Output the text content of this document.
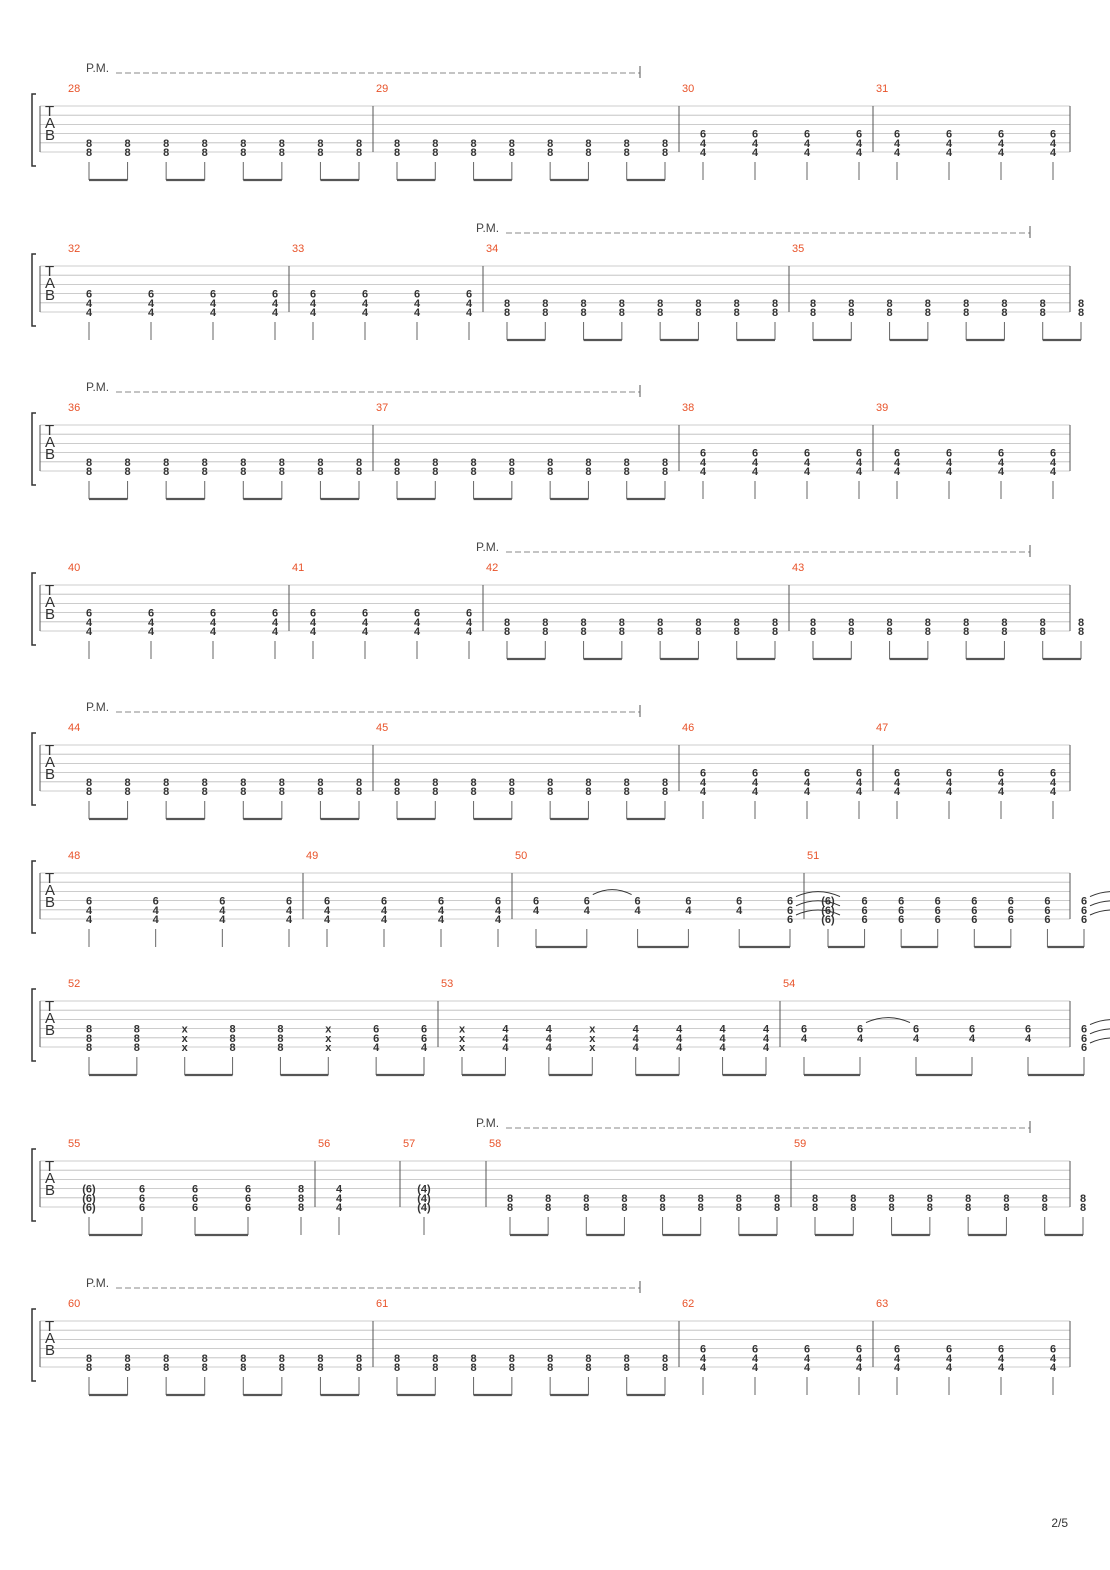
T
A
B
P.M.
28
8
8
8
8
8
8
8
8
8
8
8
8
8
8
8
8
29
8
8
8
8
8
8
8
8
8
8
8
8
8
8
8
8
30
6
4
4
6
4
4
6
4
4
6
4
4
31
6
4
4
6
4
4
6
4
4
6
4
4
T
A
B
P.M.
32
6
4
4
6
4
4
6
4
4
6
4
4
33
6
4
4
6
4
4
6
4
4
6
4
4
34
8
8
8
8
8
8
8
8
8
8
8
8
8
8
8
8
35
8
8
8
8
8
8
8
8
8
8
8
8
8
8
8
8
T
A
B
P.M.
36
8
8
8
8
8
8
8
8
8
8
8
8
8
8
8
8
37
8
8
8
8
8
8
8
8
8
8
8
8
8
8
8
8
38
6
4
4
6
4
4
6
4
4
6
4
4
39
6
4
4
6
4
4
6
4
4
6
4
4
T
A
B
P.M.
40
6
4
4
6
4
4
6
4
4
6
4
4
41
6
4
4
6
4
4
6
4
4
6
4
4
42
8
8
8
8
8
8
8
8
8
8
8
8
8
8
8
8
43
8
8
8
8
8
8
8
8
8
8
8
8
8
8
8
8
T
A
B
P.M.
44
8
8
8
8
8
8
8
8
8
8
8
8
8
8
8
8
45
8
8
8
8
8
8
8
8
8
8
8
8
8
8
8
8
46
6
4
4
6
4
4
6
4
4
6
4
4
47
6
4
4
6
4
4
6
4
4
6
4
4
T
A
B
48
6
4
4
6
4
4
6
4
4
6
4
4
49
6
4
4
6
4
4
6
4
4
6
4
4
50
6
4
6
4
6
4
6
4
6
4
6
6
6
51
(6)
(6)
(6)
6
6
6
6
6
6
6
6
6
6
6
6
6
6
6
6
6
6
6
6
6
T
A
B
52
8
8
8
8
8
8
x
x
x
8
8
8
8
8
8
x
x
x
6
6
4
6
6
4
53
x
x
x
4
4
4
4
4
4
x
x
x
4
4
4
4
4
4
4
4
4
4
4
4
54
6
4
6
4
6
4
6
4
6
4
6
6
6
T
A
B
P.M.
55
(6)
(6)
(6)
6
6
6
6
6
6
6
6
6
8
8
8
56
4
4
4
57
(4)
(4)
(4)
58
8
8
8
8
8
8
8
8
8
8
8
8
8
8
8
8
59
8
8
8
8
8
8
8
8
8
8
8
8
8
8
8
8
T
A
B
P.M.
60
8
8
8
8
8
8
8
8
8
8
8
8
8
8
8
8
61
8
8
8
8
8
8
8
8
8
8
8
8
8
8
8
8
62
6
4
4
6
4
4
6
4
4
6
4
4
63
6
4
4
6
4
4
6
4
4
6
4
4
2/5
